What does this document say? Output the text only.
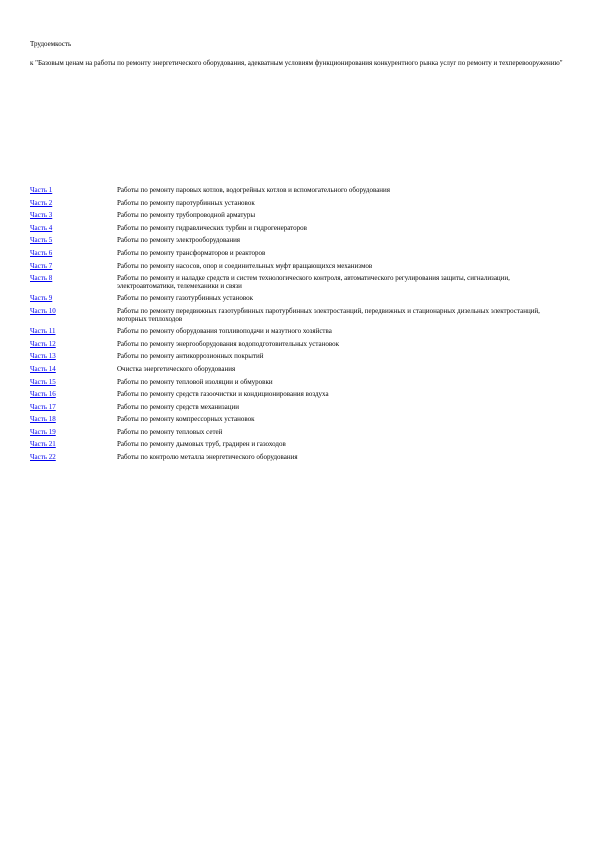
Трудоемкость
к "Базовым ценам на работы по ремонту энергетического оборудования, адекватным условиям функционирования конкурентного рынка услуг по ремонту и техперевооружению"
Часть 1	Работы по ремонту паровых котлов, водогрейных котлов и вспомогательного оборудования
Часть 2	Работы по ремонту паротурбинных установок
Часть 3	Работы по ремонту трубопроводной арматуры
Часть 4	Работы по ремонту гидравлических турбин и гидрогенераторов
Часть 5	Работы по ремонту электрооборудования
Часть 6	Работы по ремонту трансформаторов и реакторов
Часть 7	Работы по ремонту насосов, опор и соединительных муфт вращающихся механизмов
Часть 8	Работы по ремонту и наладке средств и систем технологического контроля, автоматического регулирования защиты, сигнализации, электроавтоматики, телемеханики и связи
Часть 9	Работы по ремонту газотурбинных установок
Часть 10	Работы по ремонту передвижных газотурбинных паротурбинных электростанций, передвижных и стационарных дизельных электростанций, моторных теплоходов
Часть 11	Работы по ремонту оборудования топливоподачи и мазутного хозяйства
Часть 12	Работы по ремонту энергооборудования водоподготовительных установок
Часть 13	Работы по ремонту антикоррозионных покрытий
Часть 14	Очистка энергетического оборудования
Часть 15	Работы по ремонту тепловой изоляции и обмуровки
Часть 16	Работы по ремонту средств газоочистки и кондиционирования воздуха
Часть 17	Работы по ремонту средств механизации
Часть 18	Работы по ремонту компрессорных установок
Часть 19	Работы по ремонту тепловых сетей
Часть 21	Работы по ремонту дымовых труб, градирен и газоходов
Часть 22	Работы по контролю металла энергетического оборудования
